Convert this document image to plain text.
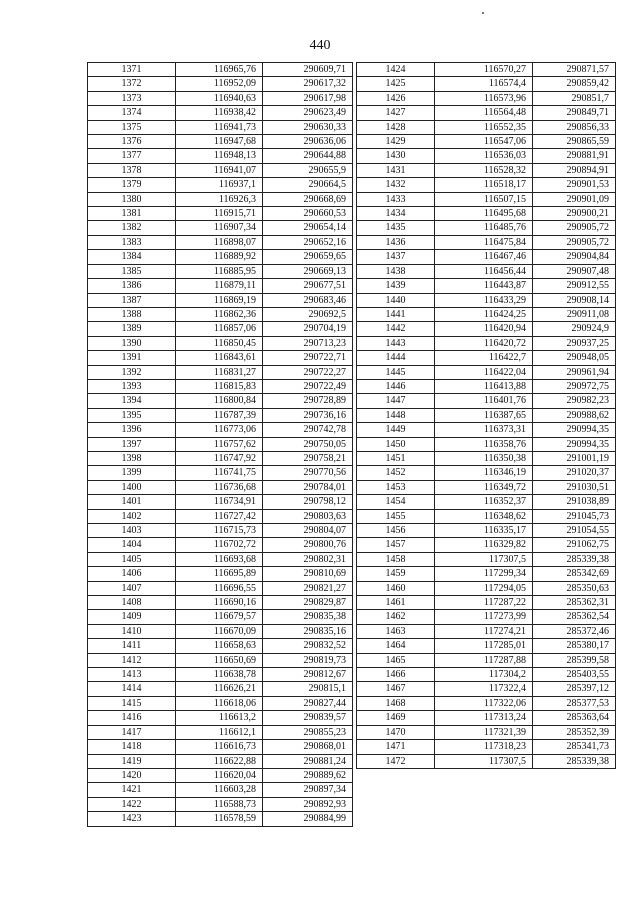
440
1371	116965,76	290609,71
1372	116952,09	290617,32
1373	116940,63	290617,98
1374	116938,42	290623,49
1375	116941,73	290630,33
1376	116947,68	290636,06
1377	116948,13	290644,88
1378	116941,07	290655,9
1379	116937,1	290664,5
1380	116926,3	290668,69
1381	116915,71	290660,53
1382	116907,34	290654,14
1383	116898,07	290652,16
1384	116889,92	290659,65
1385	116885,95	290669,13
1386	116879,11	290677,51
1387	116869,19	290683,46
1388	116862,36	290692,5
1389	116857,06	290704,19
1390	116850,45	290713,23
1391	116843,61	290722,71
1392	116831,27	290722,27
1393	116815,83	290722,49
1394	116800,84	290728,89
1395	116787,39	290736,16
1396	116773,06	290742,78
1397	116757,62	290750,05
1398	116747,92	290758,21
1399	116741,75	290770,56
1400	116736,68	290784,01
1401	116734,91	290798,12
1402	116727,42	290803,63
1403	116715,73	290804,07
1404	116702,72	290800,76
1405	116693,68	290802,31
1406	116695,89	290810,69
1407	116696,55	290821,27
1408	116690,16	290829,87
1409	116679,57	290835,38
1410	116670,09	290835,16
1411	116658,63	290832,52
1412	116650,69	290819,73
1413	116638,78	290812,67
1414	116626,21	290815,1
1415	116618,06	290827,44
1416	116613,2	290839,57
1417	116612,1	290855,23
1418	116616,73	290868,01
1419	116622,88	290881,24
1420	116620,04	290889,62
1421	116603,28	290897,34
1422	116588,73	290892,93
1423	116578,59	290884,99
1424	116570,27	290871,57
1425	116574,4	290859,42
1426	116573,96	290851,7
1427	116564,48	290849,71
1428	116552,35	290856,33
1429	116547,06	290865,59
1430	116536,03	290881,91
1431	116528,32	290894,91
1432	116518,17	290901,53
1433	116507,15	290901,09
1434	116495,68	290900,21
1435	116485,76	290905,72
1436	116475,84	290905,72
1437	116467,46	290904,84
1438	116456,44	290907,48
1439	116443,87	290912,55
1440	116433,29	290908,14
1441	116424,25	290911,08
1442	116420,94	290924,9
1443	116420,72	290937,25
1444	116422,7	290948,05
1445	116422,04	290961,94
1446	116413,88	290972,75
1447	116401,76	290982,23
1448	116387,65	290988,62
1449	116373,31	290994,35
1450	116358,76	290994,35
1451	116350,38	291001,19
1452	116346,19	291020,37
1453	116349,72	291030,51
1454	116352,37	291038,89
1455	116348,62	291045,73
1456	116335,17	291054,55
1457	116329,82	291062,75
1458	117307,5	285339,38
1459	117299,34	285342,69
1460	117294,05	285350,63
1461	117287,22	285362,31
1462	117273,99	285362,54
1463	117274,21	285372,46
1464	117285,01	285380,17
1465	117287,88	285399,58
1466	117304,2	285403,55
1467	117322,4	285397,12
1468	117322,06	285377,53
1469	117313,24	285363,64
1470	117321,39	285352,39
1471	117318,23	285341,73
1472	117307,5	285339,38
